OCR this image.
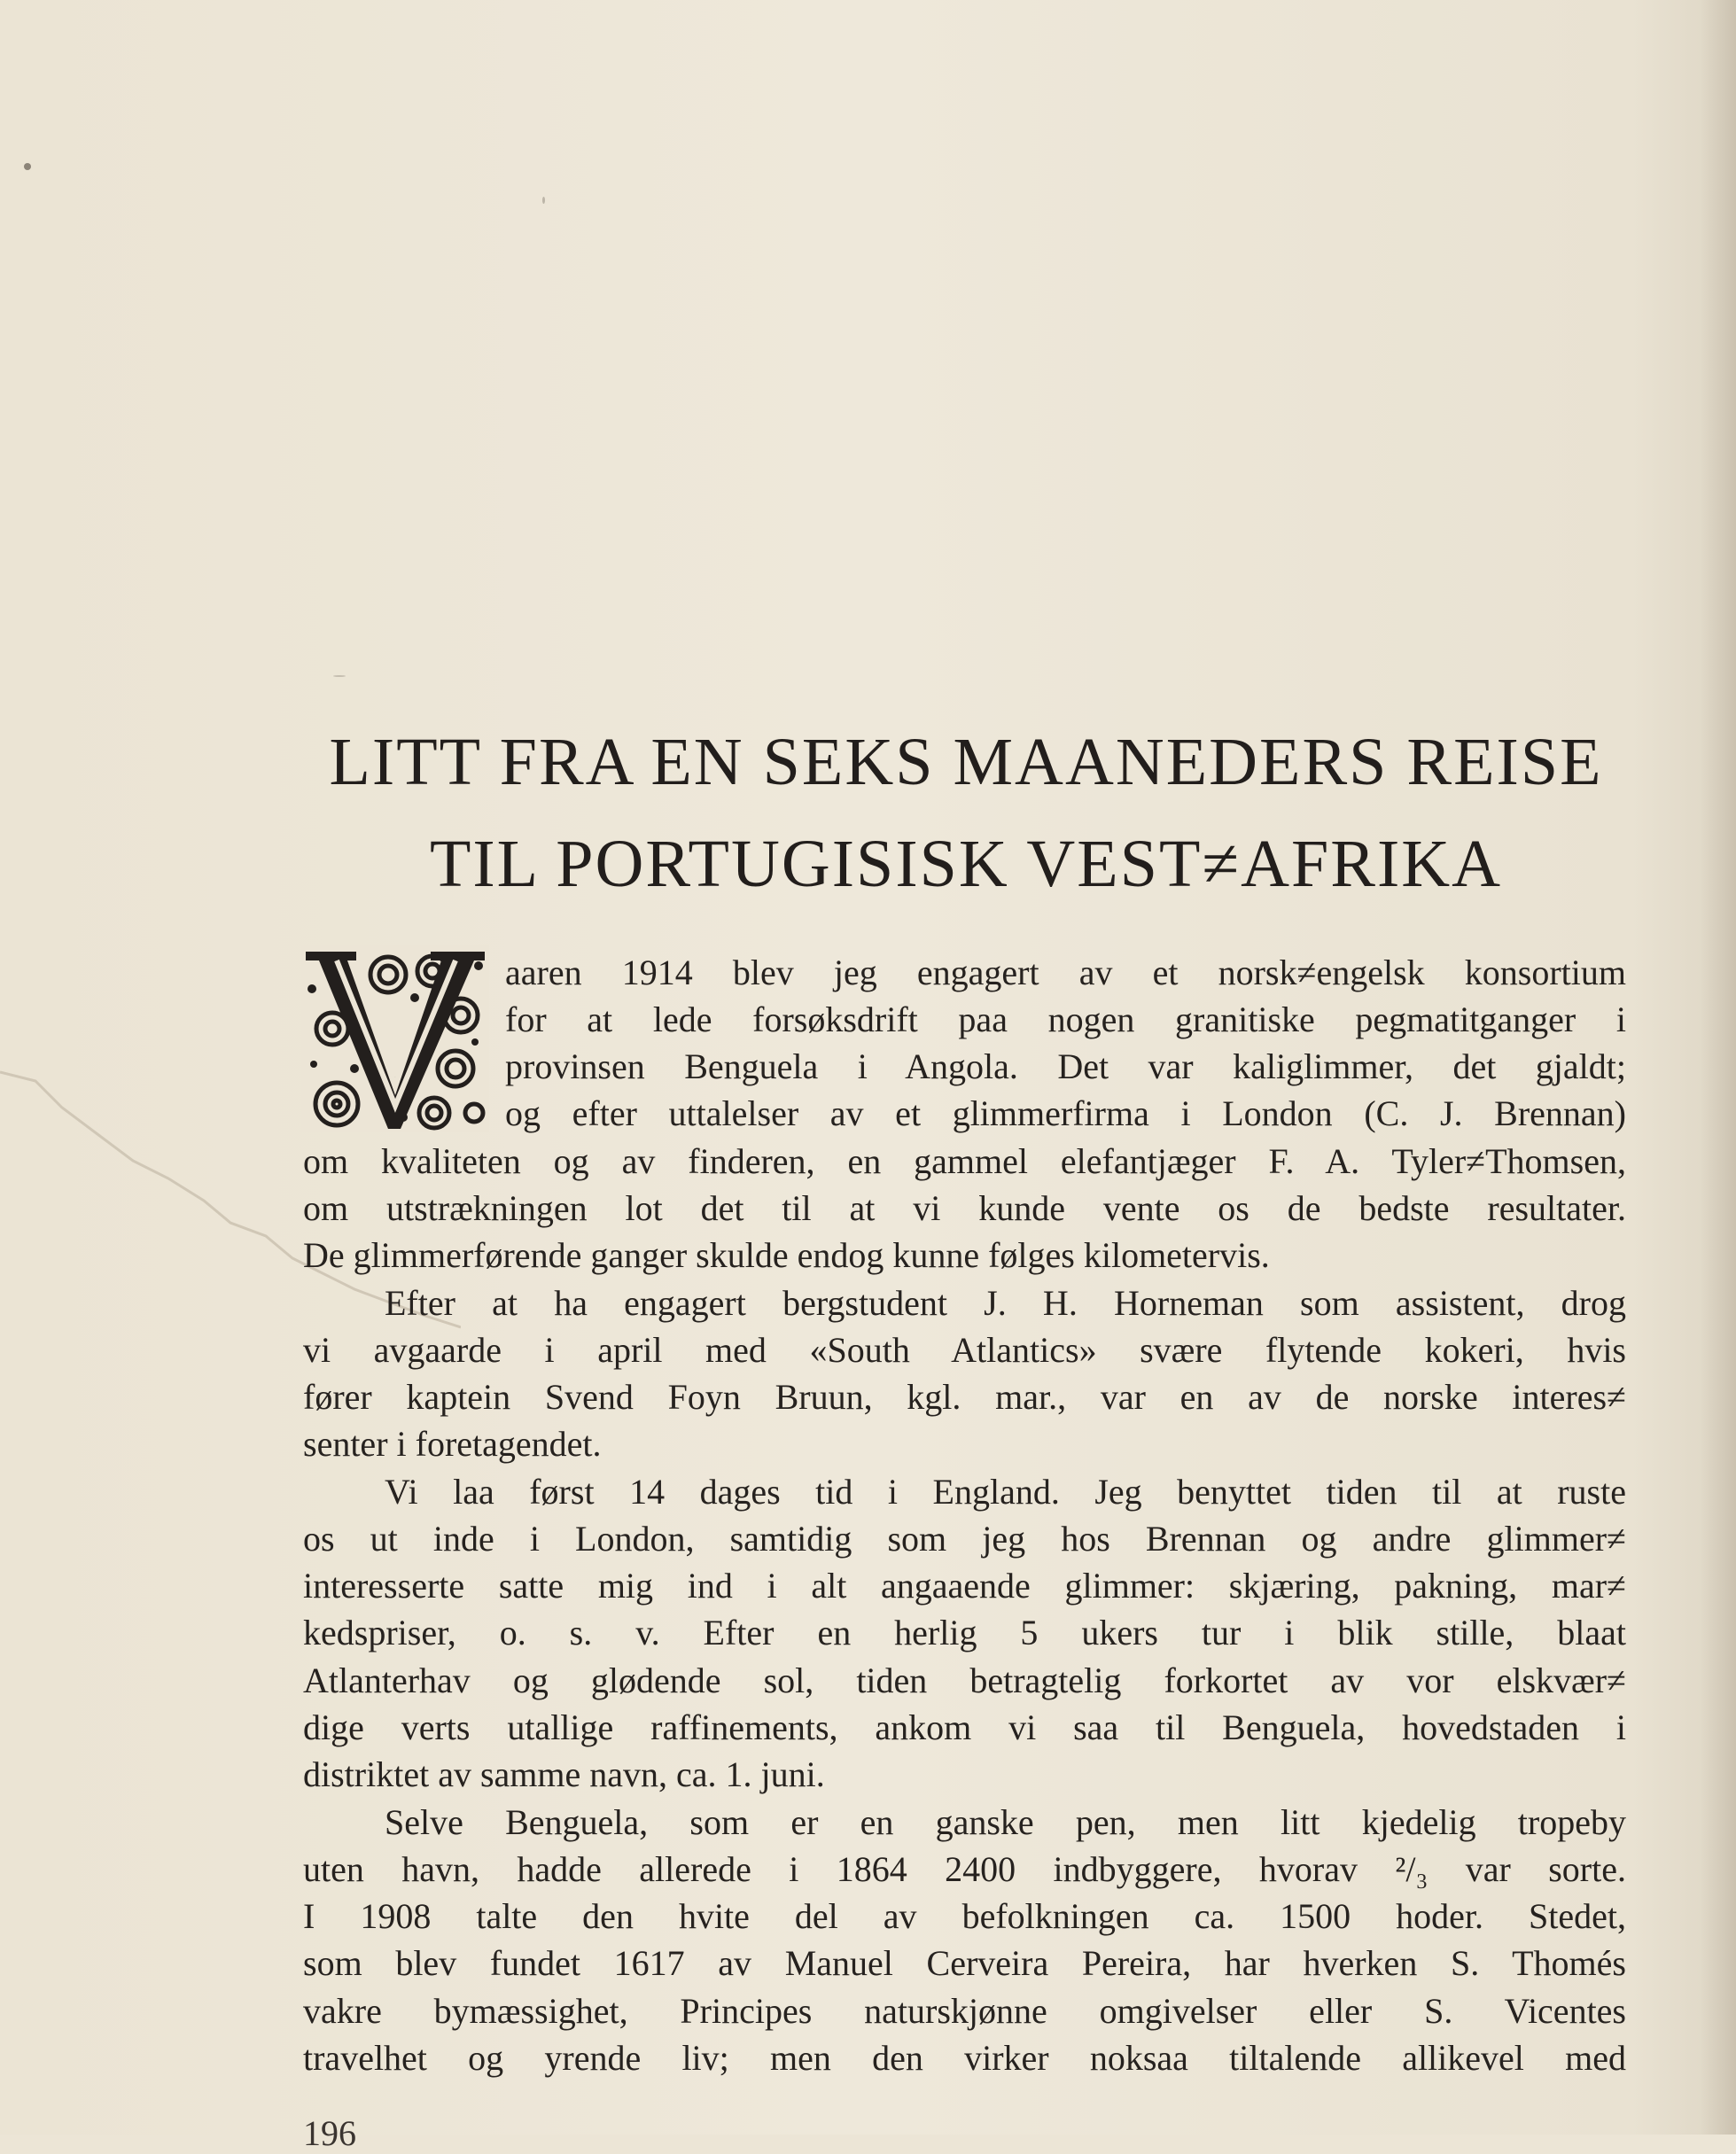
LITT FRA EN SEKS MAANEDERS REISE
TIL PORTUGISISK VEST≠AFRIKA
V
aaren 1914 blev jeg engagert av et norsk≠engelsk konsortium
for at lede forsøksdrift paa nogen granitiske pegmatitganger i
provinsen Benguela i Angola. Det var kaliglimmer, det gjaldt;
og efter uttalelser av et glimmerfirma i London (C. J. Brennan)
om kvaliteten og av finderen, en gammel elefantjæger F. A. Tyler≠Thomsen,
om utstrækningen lot det til at vi kunde vente os de bedste resultater.
De glimmerførende ganger skulde endog kunne følges kilometervis.
Efter at ha engagert bergstudent J. H. Horneman som assistent, drog
vi avgaarde i april med «South Atlantics» svære flytende kokeri, hvis
fører kaptein Svend Foyn Bruun, kgl. mar., var en av de norske interes≠
senter i foretagendet.
Vi laa først 14 dages tid i England. Jeg benyttet tiden til at ruste
os ut inde i London, samtidig som jeg hos Brennan og andre glimmer≠
interesserte satte mig ind i alt angaaende glimmer: skjæring, pakning, mar≠
kedspriser, o. s. v. Efter en herlig 5 ukers tur i blik stille, blaat
Atlanterhav og glødende sol, tiden betragtelig forkortet av vor elskvær≠
dige verts utallige raffinements, ankom vi saa til Benguela, hovedstaden i
distriktet av samme navn, ca. 1. juni.
Selve Benguela, som er en ganske pen, men litt kjedelig tropeby
uten havn, hadde allerede i 1864 2400 indbyggere, hvorav ²/₃ var sorte.
I 1908 talte den hvite del av befolkningen ca. 1500 hoder. Stedet,
som blev fundet 1617 av Manuel Cerveira Pereira, har hverken S. Thomés
vakre bymæssighet, Principes naturskjønne omgivelser eller S. Vicentes
travelhet og yrende liv; men den virker noksaa tiltalende allikevel med
196
